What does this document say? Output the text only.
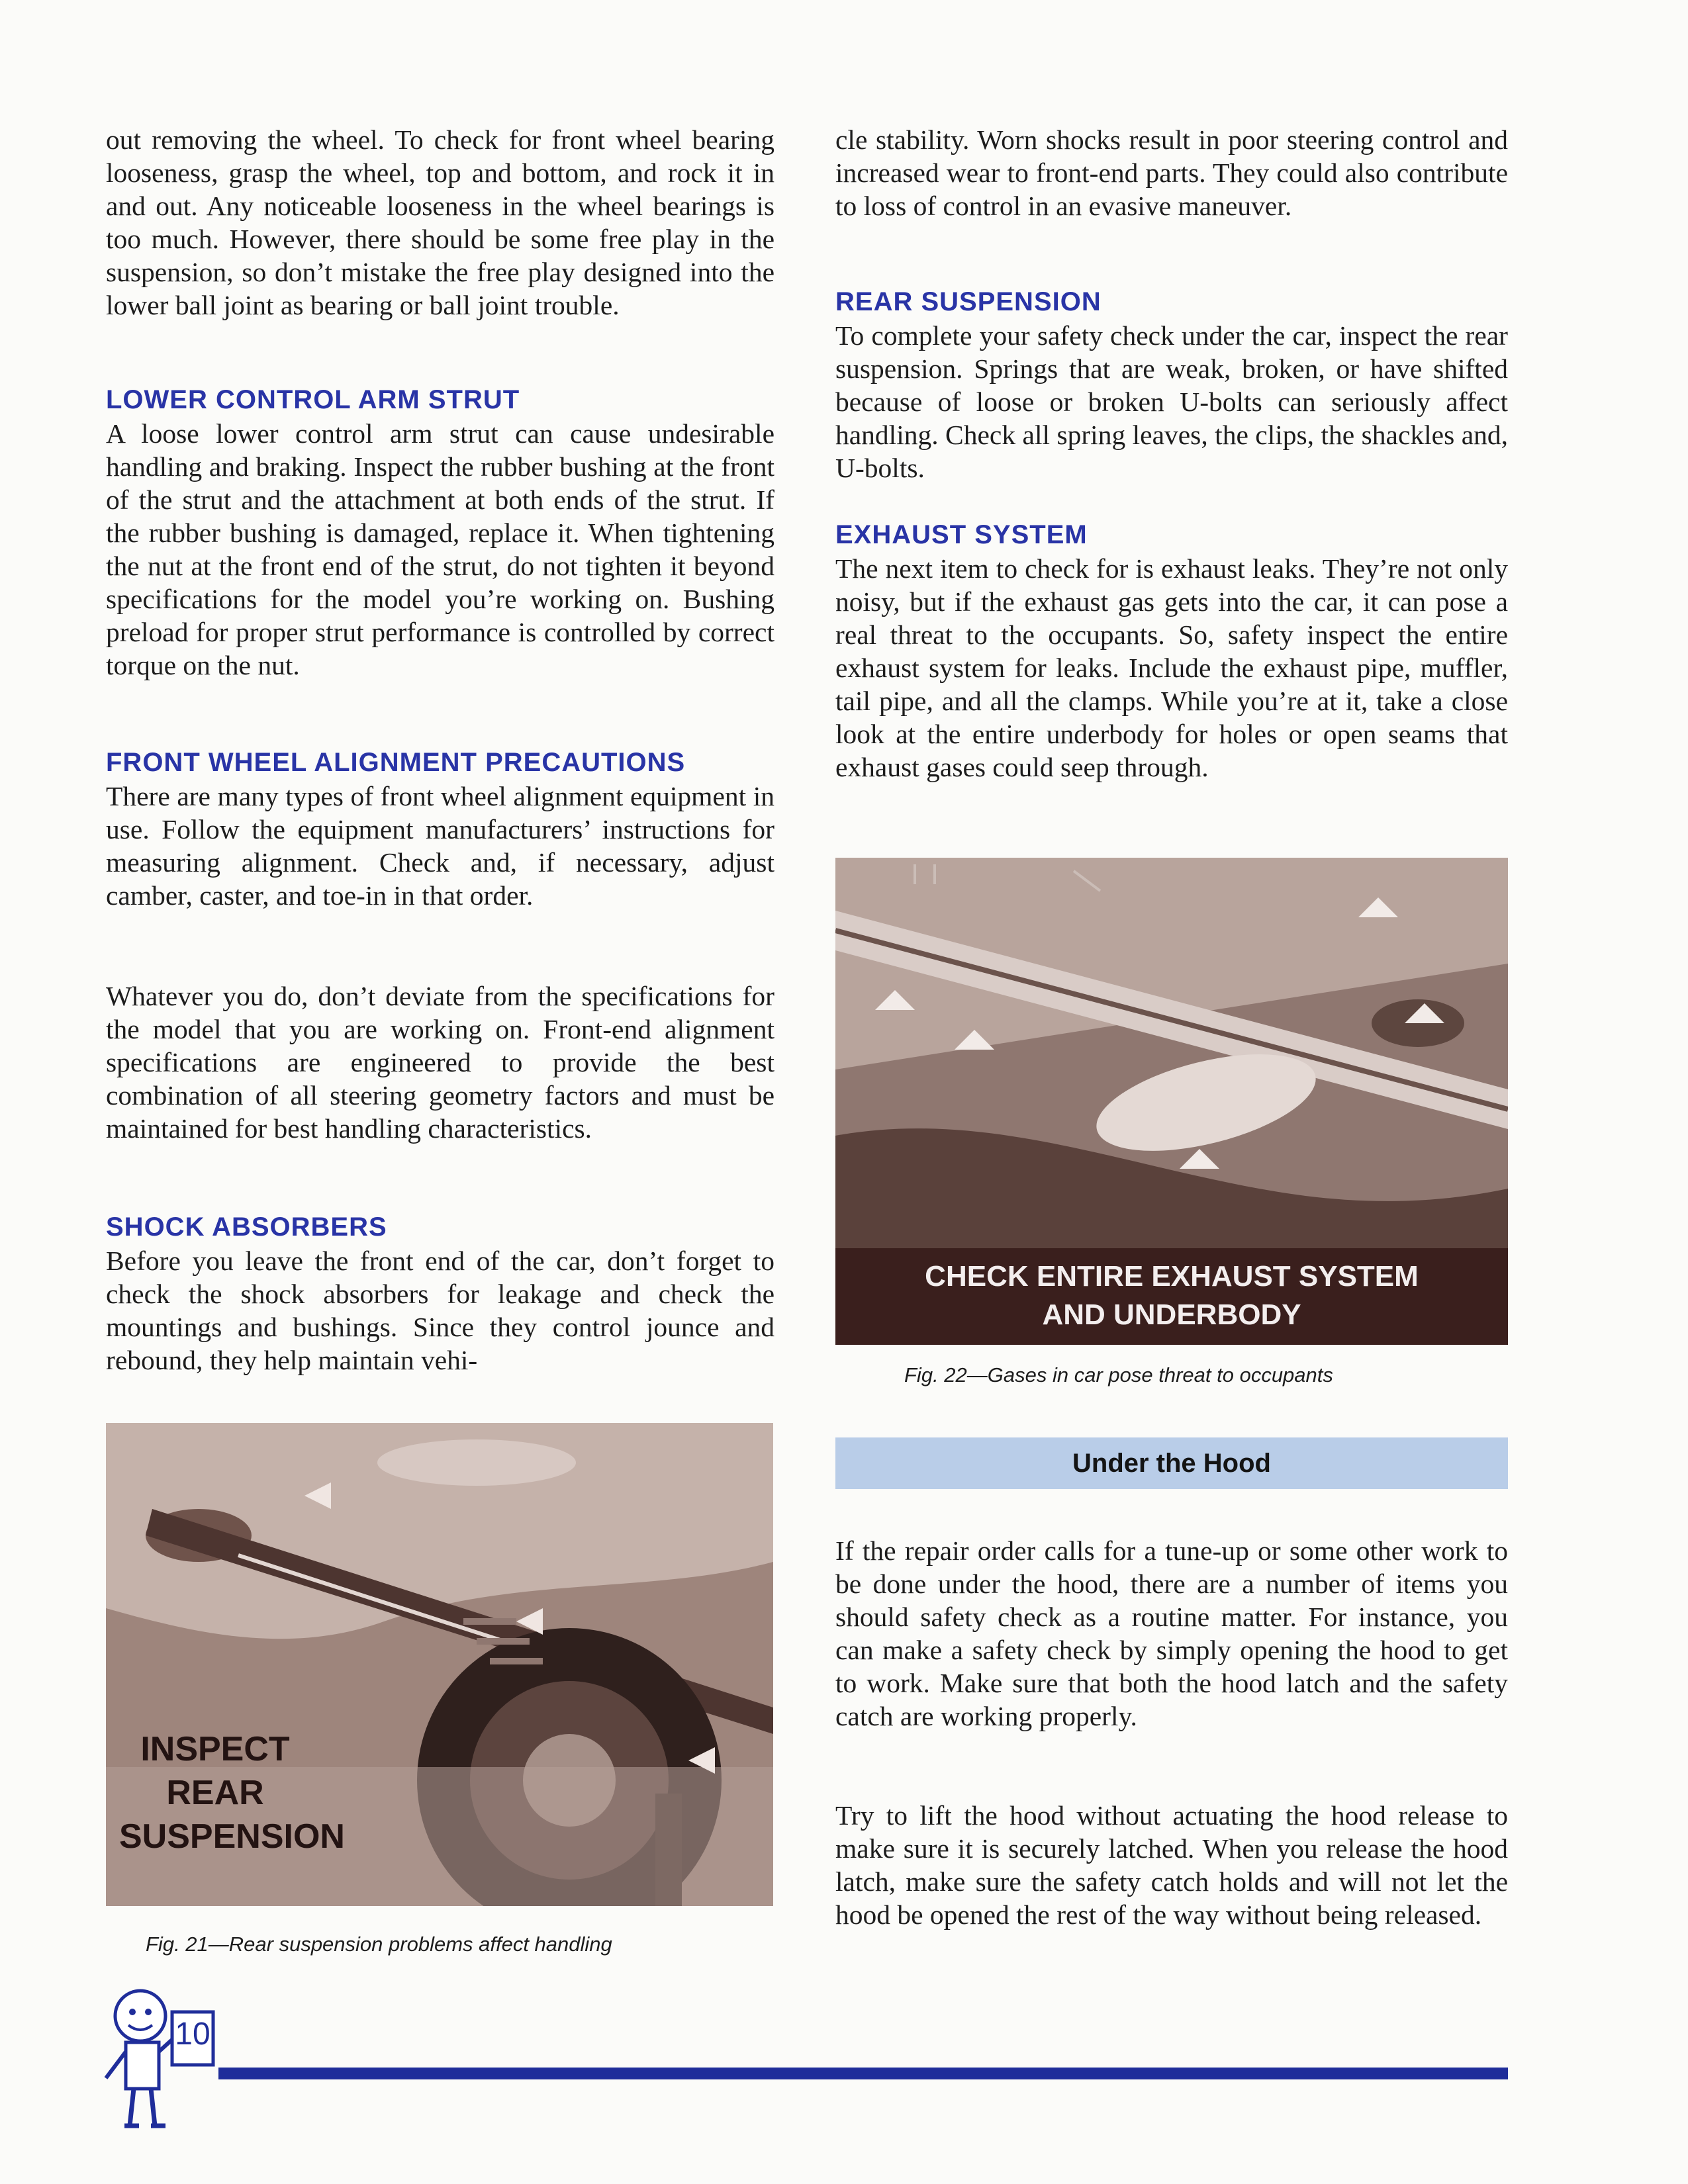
out removing the wheel. To check for front wheel bearing looseness, grasp the wheel, top and bottom, and rock it in and out. Any noticeable looseness in the wheel bearings is too much. However, there should be some free play in the suspension, so don’t mistake the free play designed into the lower ball joint as bearing or ball joint trouble.

LOWER CONTROL ARM STRUT

A loose lower control arm strut can cause undesirable handling and braking. Inspect the rubber bushing at the front of the strut and the attachment at both ends of the strut. If the rubber bushing is damaged, replace it. When tightening the nut at the front end of the strut, do not tighten it beyond specifications for the model you’re working on. Bushing preload for proper strut performance is controlled by correct torque on the nut.

FRONT WHEEL ALIGNMENT PRECAUTIONS

There are many types of front wheel alignment equipment in use. Follow the equipment manufacturers’ instructions for measuring alignment. Check and, if necessary, adjust camber, caster, and toe-in in that order.

Whatever you do, don’t deviate from the specifications for the model that you are working on. Front-end alignment specifications are engineered to provide the best combination of all steering geometry factors and must be maintained for best handling characteristics.

SHOCK ABSORBERS

Before you leave the front end of the car, don’t forget to check the shock absorbers for leakage and check the mountings and bushings. Since they control jounce and rebound, they help maintain vehi-

INSPECT
REAR
SUSPENSION

Fig. 21—Rear suspension problems affect handling

cle stability. Worn shocks result in poor steering control and increased wear to front-end parts. They could also contribute to loss of control in an evasive maneuver.

REAR SUSPENSION

To complete your safety check under the car, inspect the rear suspension. Springs that are weak, broken, or have shifted because of loose or broken U-bolts can seriously affect handling. Check all spring leaves, the clips, the shackles and, U-bolts.

EXHAUST SYSTEM

The next item to check for is exhaust leaks. They’re not only noisy, but if the exhaust gas gets into the car, it can pose a real threat to the occupants. So, safety inspect the entire exhaust system for leaks. Include the exhaust pipe, muffler, tail pipe, and all the clamps. While you’re at it, take a close look at the entire underbody for holes or open seams that exhaust gases could seep through.

CHECK ENTIRE EXHAUST SYSTEM
AND UNDERBODY

Fig. 22—Gases in car pose threat to occupants

Under the Hood

If the repair order calls for a tune-up or some other work to be done under the hood, there are a number of items you should safety check as a routine matter. For instance, you can make a safety check by simply opening the hood to get to work. Make sure that both the hood latch and the safety catch are working properly.

Try to lift the hood without actuating the hood release to make sure it is securely latched. When you release the hood latch, make sure the safety catch holds and will not let the hood be opened the rest of the way without being released.

10
